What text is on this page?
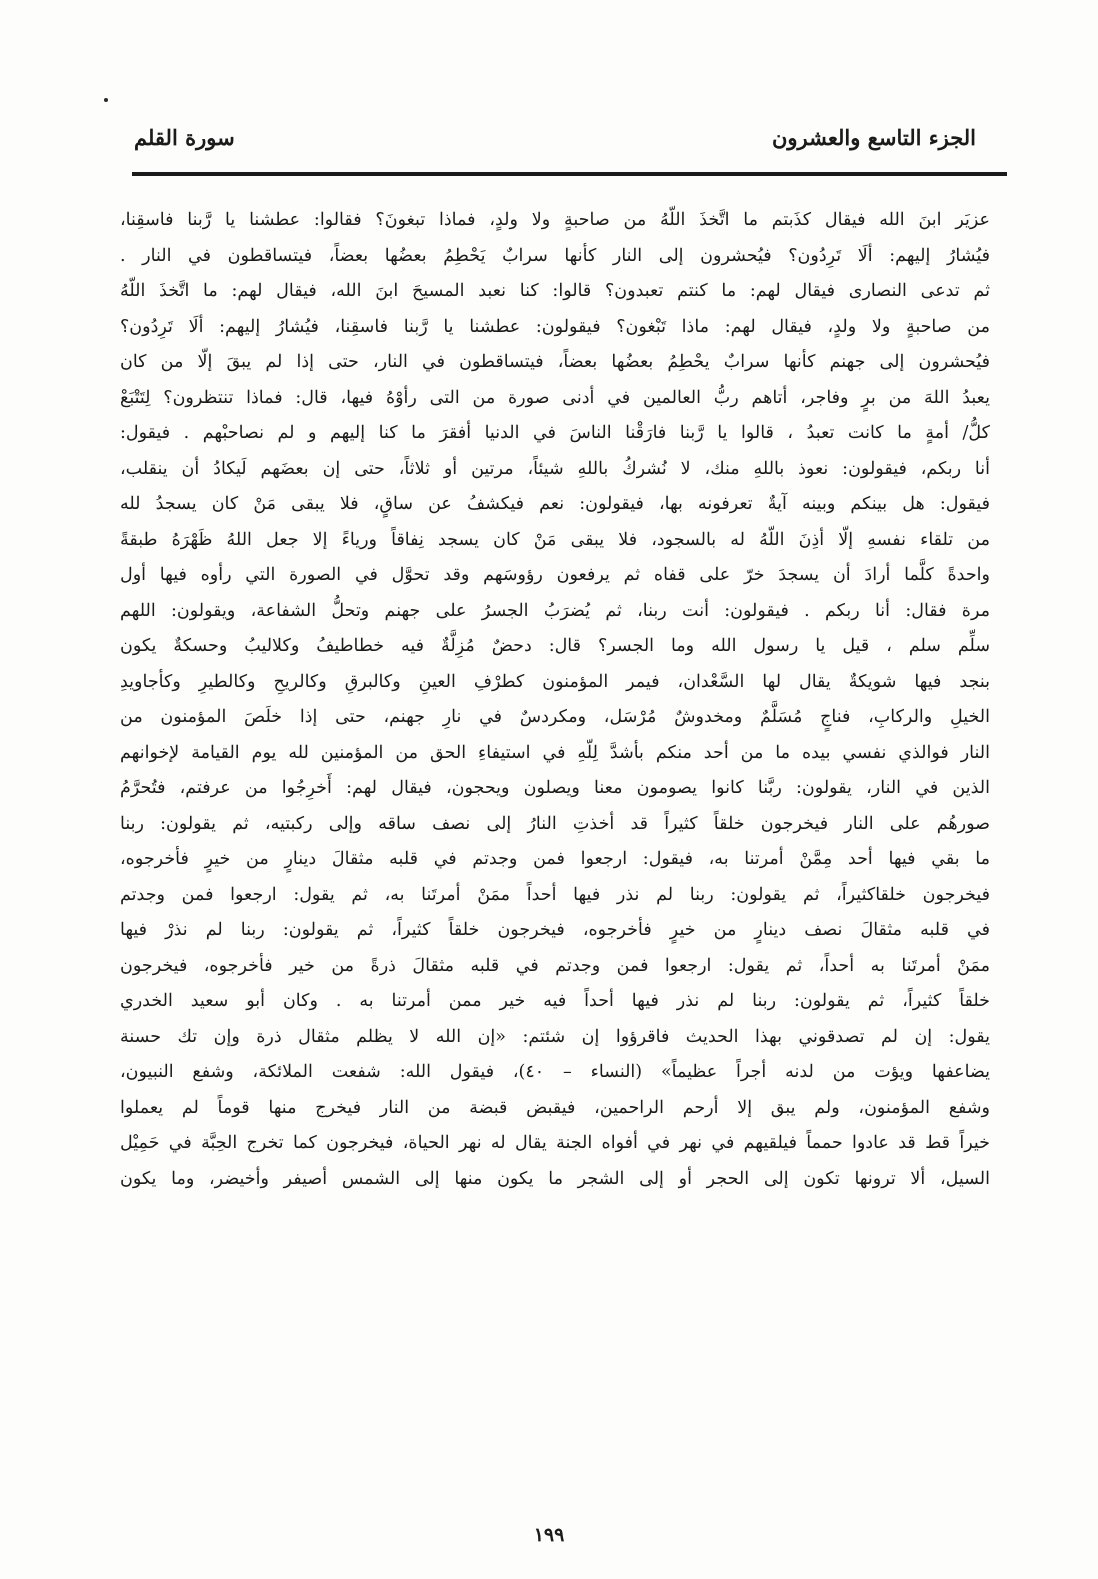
الجزء التاسع والعشرون
سورة القلم
عزيَر ابنَ الله فيقال كذَبتم ما اتَّخذَ اللّهُ من صاحبةٍ ولا ولدٍ، فماذا تبغونَ؟ فقالوا: عطشنا يا رَّبنا فاسقِنا،
فيُشارُ إليهم: ألَا تَرِدُون؟ فيُحشرون إلى النار كأنها سرابٌ يَحْطِمُ بعضُها بعضاً، فيتساقطون في النار .
ثم تدعى النصارى فيقال لهم: ما كنتم تعبدون؟ قالوا: كنا نعبد المسيحَ ابنَ الله، فيقال لهم: ما اتَّخذَ اللّهُ
من صاحبةٍ ولا ولدٍ، فيقال لهم: ماذا تَبْغون؟ فيقولون: عطشنا يا رَّبنا فاسقِنا، فيُشارُ إليهم: ألَا تَرِدُون؟
فيُحشرون إلى جهنم كأنها سرابٌ يحْطِمُ بعضُها بعضاً، فيتساقطون في النار، حتى إذا لم يبقَ إلّا من كان
يعبدُ اللهَ من برٍ وفاجر، أتاهم ربُّ العالمين في أدنى صورة من التى رأوْهُ فيها، قال: فماذا تنتظرون؟ لِتَتْبَعْ
كلُّ/ أمةٍ ما كانت تعبدُ ، قالوا يا رَّبنا فارَقْنا الناسَ في الدنيا أفقرَ ما كنا إليهم و لم نصاحبْهم . فيقول:
أنا ربكم، فيقولون: نعوذ باللهِ منك، لا نُشركُ باللهِ شيئاً، مرتين أو ثلاثاً، حتى إن بعضَهم لَيكادُ أن ينقلب،
فيقول: هل بينكم وبينه آيةٌ تعرفونه بها، فيقولون: نعم فيكشفُ عن ساقٍ، فلا يبقى مَنْ كان يسجدُ لله
من تلقاء نفسهِ إلّا أذِنَ اللّهُ له بالسجود، فلا يبقى مَنْ كان يسجد نِفاقاً ورياءً إلا جعل اللهُ ظَهْرَهُ طبقةً
واحدةً كلَّما أرادَ أن يسجدَ خرّ على قفاه ثم يرفعون رؤوسَهم وقد تحوَّل في الصورة التي رأوه فيها أول
مرة فقال: أنا ربكم . فيقولون: أنت ربنا، ثم يُضرَبُ الجسرُ على جهنم وتحلُّ الشفاعة، ويقولون: اللهم
سلِّم سلم ، قيل يا رسول الله وما الجسر؟ قال: دحضٌ مُزِلَّةٌ فيه خطاطيفُ وكلاليبُ وحسكةٌ يكون
بنجد فيها شويكةٌ يقال لها السَّعْدان، فيمر المؤمنون كطرْفِ العينِ وكالبرقِ وكالريحِ وكالطيرِ وكأجاويدِ
الخيلِ والركابِ، فناجٍ مُسَلَّمٌ ومخدوشٌ مُرْسَل، ومكردسٌ في نارِ جهنم، حتى إذا خلَصَ المؤمنون من
النار فوالذي نفسي بيده ما من أحد منكم بأشدَّ لِلّهِ في استيفاءِ الحق من المؤمنين لله يوم القيامة لإخوانهم
الذين في النار، يقولون: ربَّنا كانوا يصومون معنا ويصلون ويحجون، فيقال لهم: أَخرِجُوا من عرفتم، فتُحرَّمُ
صورهُم على النار فيخرجون خلقاً كثيراً قد أخذتِ النارُ إلى نصف ساقه وإلى ركبتيه، ثم يقولون: ربنا
ما بقي فيها أحد مِمَّنْ أمرتنا به، فيقول: ارجعوا فمن وجدتم في قلبه مثقالَ دينارٍ من خيرٍ فأخرجوه،
فيخرجون خلقاكثيراً، ثم يقولون: ربنا لم نذر فيها أحداً ممَنْ أمرتَنا به، ثم يقول: ارجعوا فمن وجدتم
في قلبه مثقالَ نصف دينارٍ من خيرٍ فأخرجوه، فيخرجون خلقاً كثيراً، ثم يقولون: ربنا لم نذرْ فيها
ممَنْ أمرتَنا به أحداً، ثم يقول: ارجعوا فمن وجدتم في قلبه مثقالَ ذرةً من خير فأخرجوه، فيخرجون
خلقاً كثيراً، ثم يقولون: ربنا لم نذر فيها أحداً فيه خير ممن أمرتنا به . وكان أبو سعيد الخدري
يقول: إن لم تصدقوني بهذا الحديث فاقرؤوا إن شئتم: «إن الله لا يظلم مثقال ذرة وإن تك حسنة
يضاعفها ويؤت من لدنه أجراً عظيماً» (النساء – ٤٠)، فيقول الله: شفعت الملائكة، وشفع النبيون،
وشفع المؤمنون، ولم يبق إلا أرحم الراحمين، فيقبض قبضة من النار فيخرج منها قوماً لم يعملوا
خيراً قط قد عادوا حمماً فيلقيهم في نهر في أفواه الجنة يقال له نهر الحياة، فيخرجون كما تخرج الحِبَّة في حَمِيْل
السيل، ألا ترونها تكون إلى الحجر أو إلى الشجر ما يكون منها إلى الشمس أصيفر وأخيضر، وما يكون
١٩٩
